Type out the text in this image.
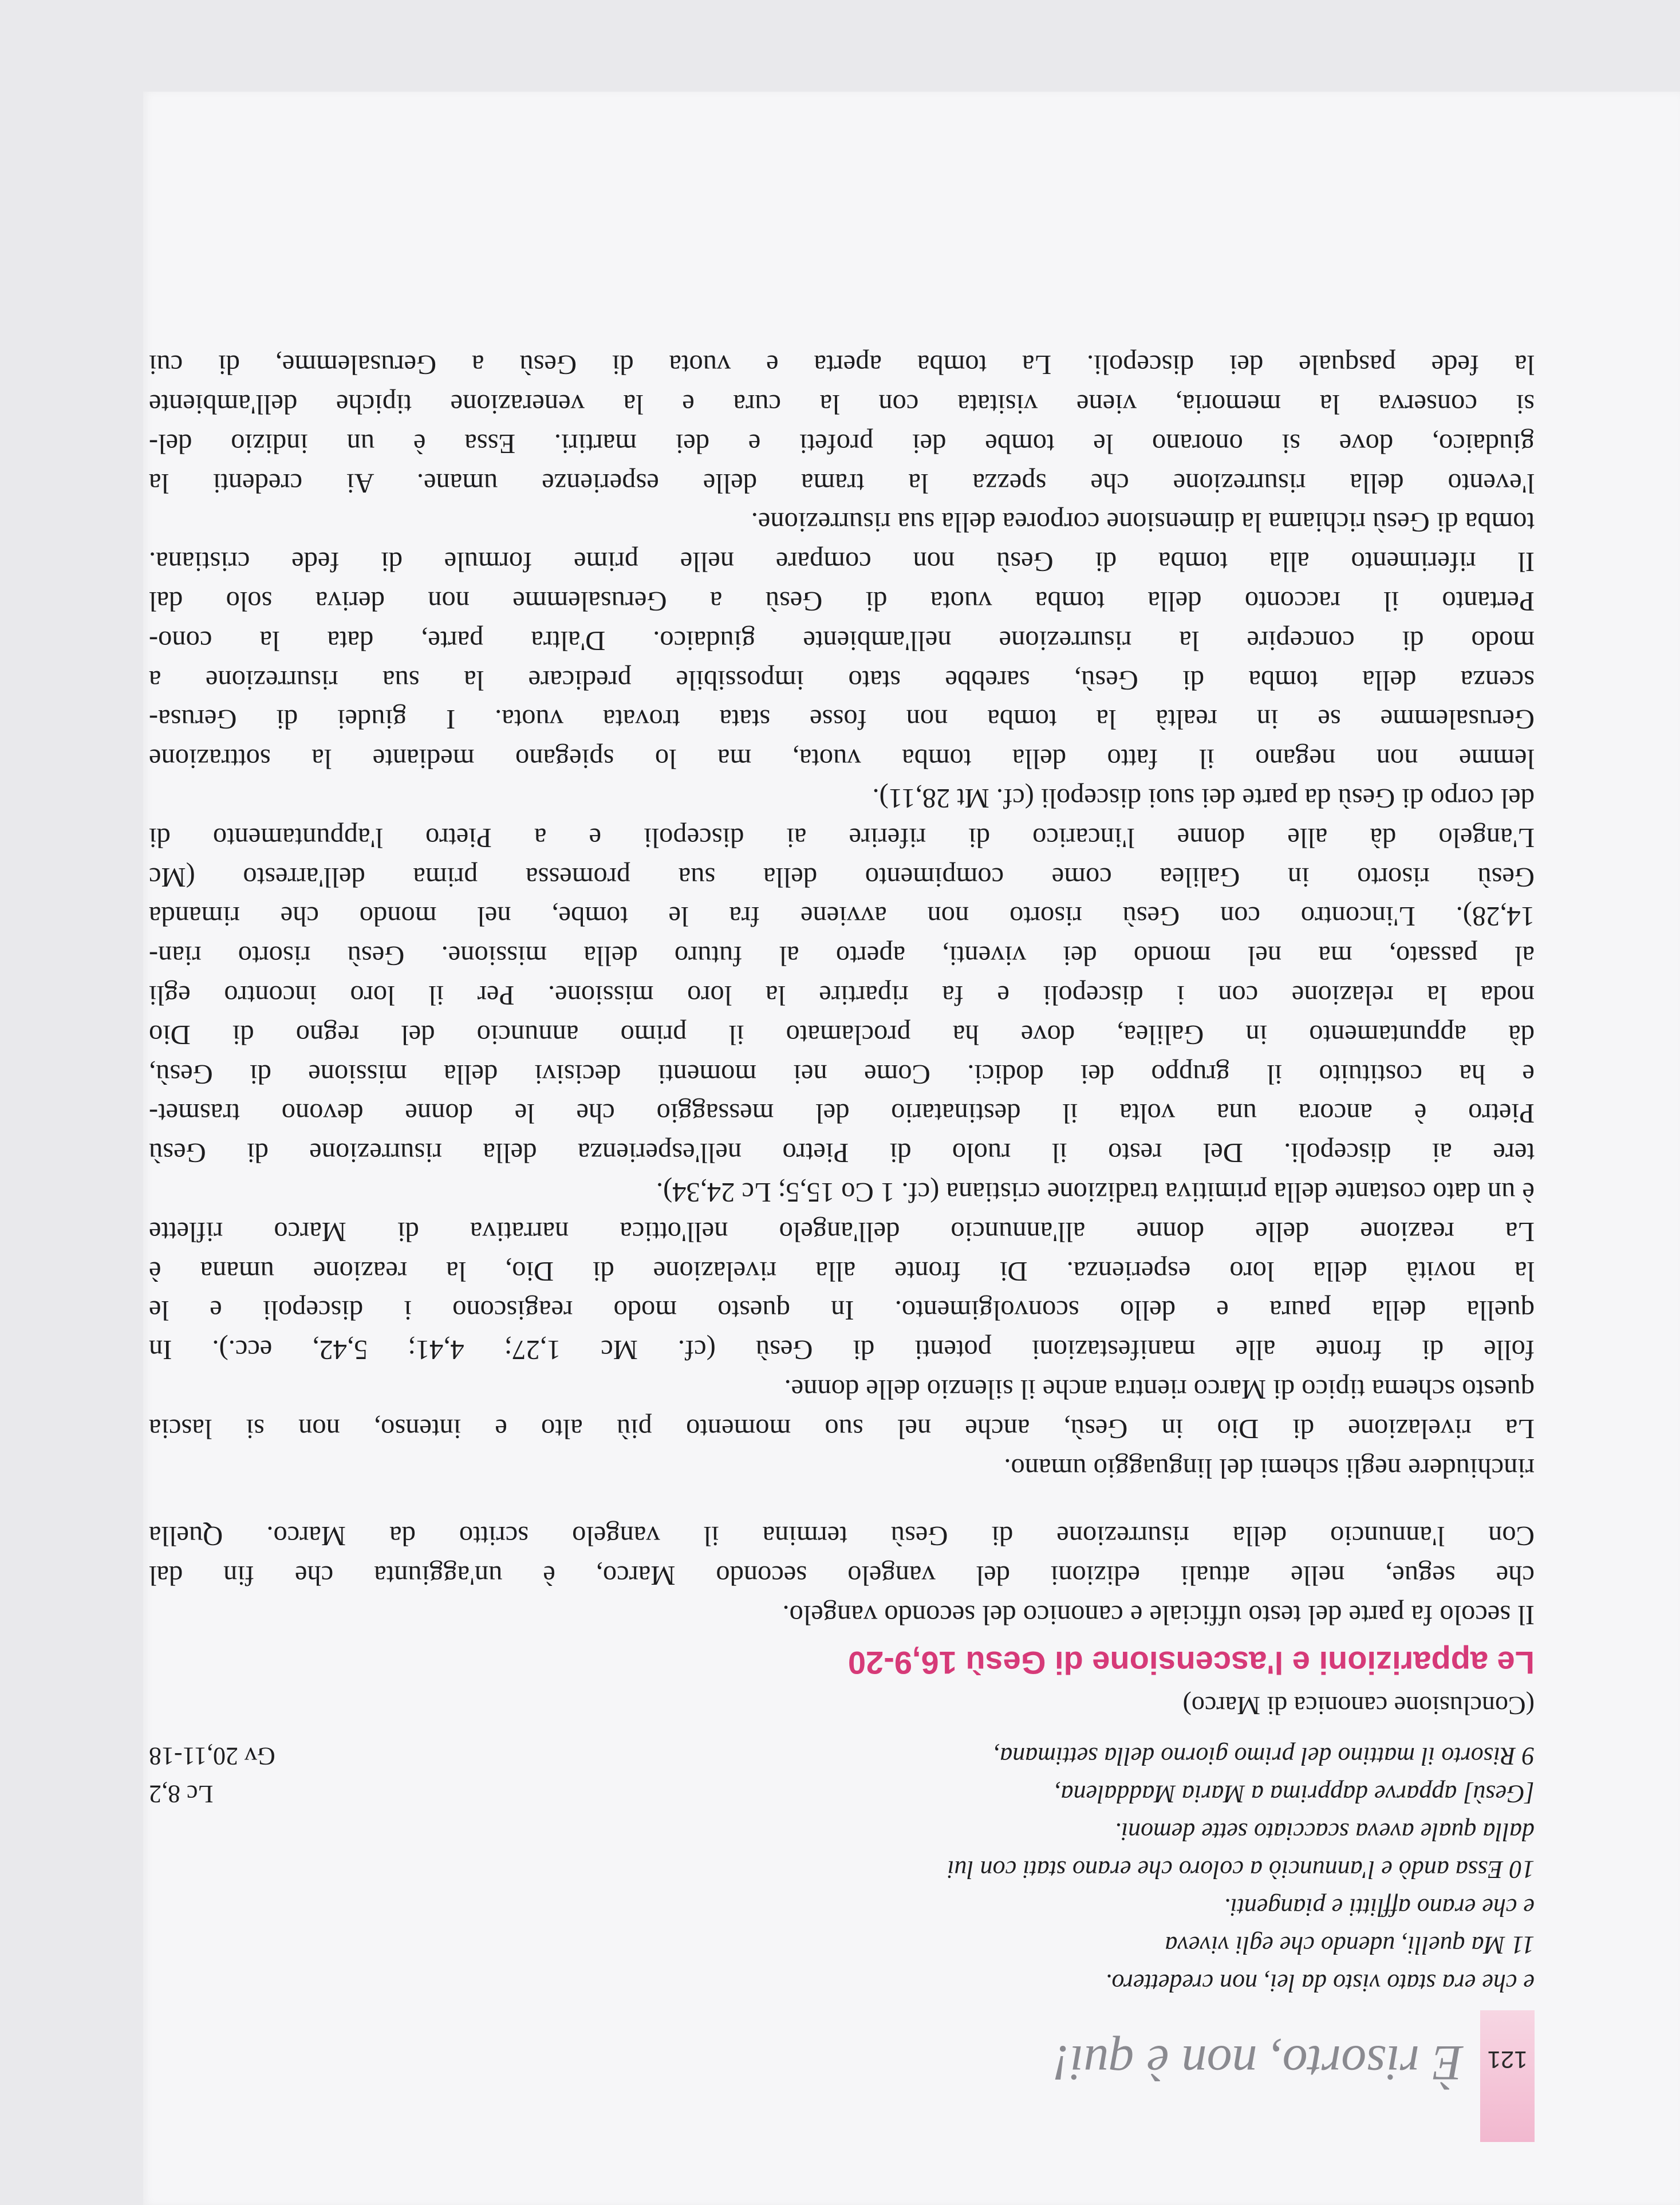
121
È risorto, non è qui!
e che era stato visto da lei, non credettero.
11 Ma quelli, udendo che egli viveva
e che erano afflitti e piangenti.
10 Essa andò e l'annunciò a coloro che erano stati con lui
dalla quale aveva scacciato sette demoni.
[Gesù] apparve dapprima a Maria Maddalena,
Lc 8,2
9 Risorto il mattino del primo giorno della settimana,
Gv 20,11-18
(Conclusione canonica di Marco)
Le apparizioni e l'ascensione di Gesù 16,9-20
Il secolo fa parte del testo ufficiale e canonico del secondo vangelo.
che segue, nelle attuali edizioni del vangelo secondo Marco, è un'aggiunta che fin dal
Con l'annuncio della risurrezione di Gesù termina il vangelo scritto da Marco. Quella
rinchiudere negli schemi del linguaggio umano.
La rivelazione di Dio in Gesù, anche nel suo momento più alto e intenso, non si lascia
questo schema tipico di Marco rientra anche il silenzio delle donne.
folle di fronte alle manifestazioni potenti di Gesù (cf. Mc 1,27; 4,41; 5,42, ecc.). In
quella della paura e dello sconvolgimento. In questo modo reagiscono i discepoli e le
la novità della loro esperienza. Di fronte alla rivelazione di Dio, la reazione umana è
La reazione delle donne all'annuncio dell'angelo nell'ottica narrativa di Marco riflette
è un dato costante della primitiva tradizione cristiana (cf. 1 Co 15,5; Lc 24,34).
tere ai discepoli. Del resto il ruolo di Pietro nell'esperienza della risurrezione di Gesù
Pietro è ancora una volta il destinatario del messaggio che le donne devono trasmet-
e ha costituito il gruppo dei dodici. Come nei momenti decisivi della missione di Gesù,
dà appuntamento in Galilea, dove ha proclamato il primo annuncio del regno di Dio
noda la relazione con i discepoli e fa ripartire la loro missione. Per il loro incontro egli
al passato, ma nel mondo dei viventi, aperto al futuro della missione. Gesù risorto rian-
14,28). L'incontro con Gesù risorto non avviene fra le tombe, nel mondo che rimanda
Gesù risorto in Galilea come compimento della sua promessa prima dell'arresto (Mc
L'angelo dà alle donne l'incarico di riferire ai discepoli e a Pietro l'appuntamento di
del corpo di Gesù da parte dei suoi discepoli (cf. Mt 28,11).
lemme non negano il fatto della tomba vuota, ma lo spiegano mediante la sottrazione
Gerusalemme se in realtà la tomba non fosse stata trovata vuota. I giudei di Gerusa-
scenza della tomba di Gesù, sarebbe stato impossibile predicare la sua risurrezione a
modo di concepire la risurrezione nell'ambiente giudaico. D'altra parte, data la cono-
Pertanto il racconto della tomba vuota di Gesù a Gerusalemme non deriva solo dal
Il riferimento alla tomba di Gesù non compare nelle prime formule di fede cristiana.
tomba di Gesù richiama la dimensione corporea della sua risurrezione.
l'evento della risurrezione che spezza la trama delle esperienze umane. Ai credenti la
giudaico, dove si onorano le tombe dei profeti e dei martiri. Essa è un indizio del-
si conserva la memoria, viene visitata con la cura e la venerazione tipiche dell'ambiente
la fede pasquale dei discepoli. La tomba aperta e vuota di Gesù a Gerusalemme, di cui
